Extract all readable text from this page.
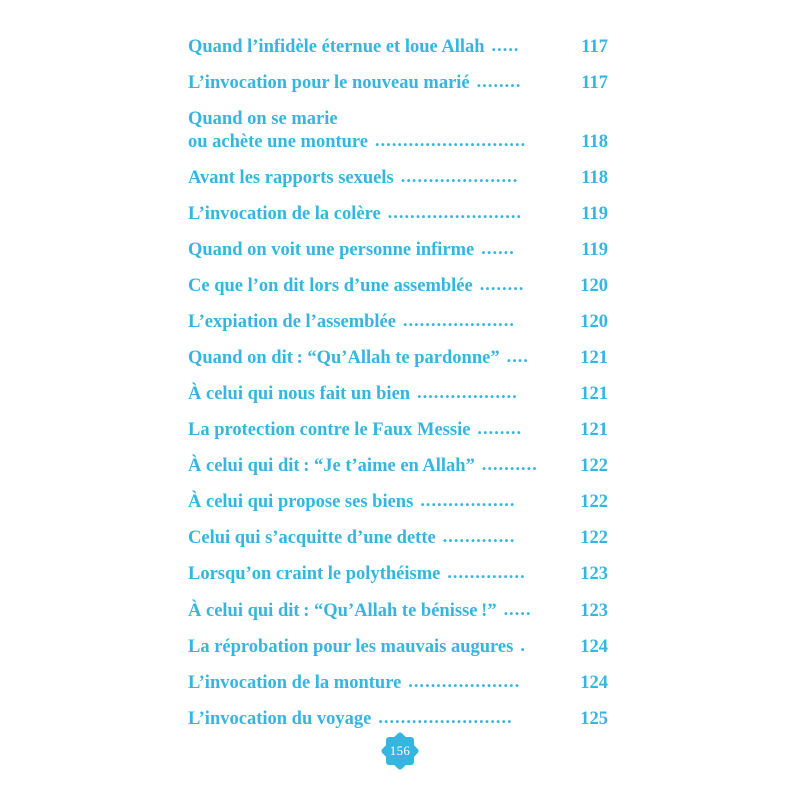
Quand l’infidèle éternue et loue Allah .....	117
L’invocation pour le nouveau marié ........	117
Quand on se marie
ou achète une monture ...........................	118
Avant les rapports sexuels .....................	118
L’invocation de la colère ........................	119
Quand on voit une personne infirme ......	119
Ce que l’on dit lors d’une assemblée ........	120
L’expiation de l’assemblée ....................	120
Quand on dit : “Qu’Allah te pardonne” ....	121
À celui qui nous fait un bien ..................	121
La protection contre le Faux Messie ........	121
À celui qui dit : “Je t’aime en Allah” ..........	122
À celui qui propose ses biens .................	122
Celui qui s’acquitte d’une dette .............	122
Lorsqu’on craint le polythéisme ..............	123
À celui qui dit : “Qu’Allah te bénisse !” .....	123
La réprobation pour les mauvais augures .	124
L’invocation de la monture ....................	124
L’invocation du voyage ........................	125
156
